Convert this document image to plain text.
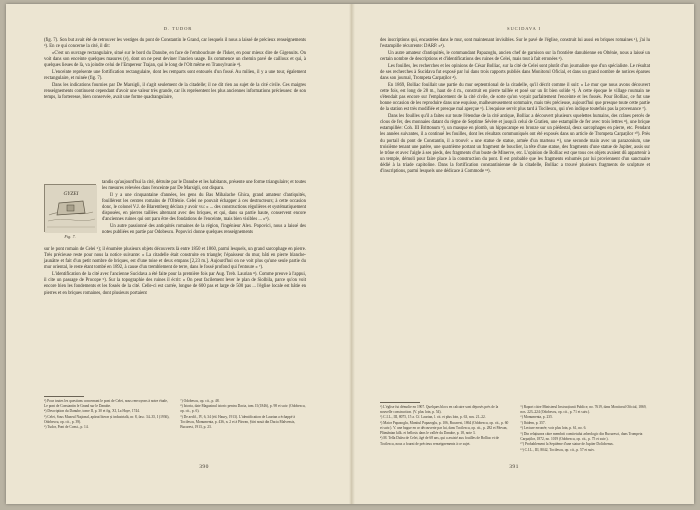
D. TUDOR

(fig. 7). Son but avait été de retrouver les vestiges du pont de Constantin le Grand, car lesquels il nous a laissé de précieux renseignements ³). En ce qui concerne la cité, il dit:

«C'est un ouvrage rectangulaire, situé sur le bord du Danube, en face de l'embouchure de l'Isker, en pour mieux dire de Gigenuits. On voit dans son enceinte quelques masures (ν), dont on ne peut deviner l'ancien usage. Ils commence un chemin pavé de cailloux et qui, à quelques lieues de là, va joindre celui de l'Empereur Trajan, qui le long de l'Olt même en Transylvanie ⁴).

L'enceinte représente une fortification rectangulaire, dont les remparts sont entourés d'un fossé. Au milieu, il y a une tour, également rectangulaire, et ruinée (fig. 7).

Dans les indications fournies par De Marsigli, il s'agit seulement de la citadelle; il ne dit rien au sujet de la cité civile. Ces maigres renseignements continuent cependant d'avoir une valeur très grande, car ils représentent les plus anciennes informations précieuses: de son temps, la forteresse, bien conservée, avait une forme quadrangulaire,

GYZEI
Fig. 7.

tandis qu'aujourd'hui la cité, détruite par le Danube et les habitants, présente une forme triangulaire; et toutes les mesures relevées dans l'enceinte par De Marsigli, ont disparu.

Il y a une cinquantaine d'années, les gens du Bas Mihalache Ghica, grand amateur d'antiquités, fouillèrent les centres romains de l'Olténie. Celei ne pouvait échapper à ces destructeurs; à cette occasion donc, le colonel V.J. de Blaremberg déclara y avoir vu: « ... des constructions régulières et systématiquement disposées, en pierres taillées alternant avec des briques, et qui, dans sa partie haute, conservent encore d'anciennes ruines qui ont paru être des fondations de l'enceinte, mais bien visibles ... »⁵).

Un autre passionné des antiquités romaines de la région, l'ingénieur Alex. Popovici, nous a laissé des notes publiées en partie par Odobescu. Popovici donne quelques renseignements

sur le pont romain de Celei ⁶); il énumère plusieurs objets découverts là entre 1850 et 1860, parmi lesquels, un grand sarcophage en pierre. Très précieuse reste pour nous la notice suivante: « La citadelle était construite en triangle; l'épaisseur du mur, bâti en pierre blanche-jaunâtre et fait d'un petit nombre de briques, est d'une toise et deux empans [2,23 m.]. Aujourd'hui on ne voit plus qu'une seule partie du mur oriental, le reste étant tombé en 1892, à cause d'un tremblement de terre, dans le fossé profond qui l'entoure » ⁷).

L'identification de la cité avec l'ancienne Sucidava a été faite pour la première fois par Aug. Treb. Laurian ⁸). Comme preuve à l'appui, il cite un passage de Procope ⁹). Sur la topographie des ruines il écrit: « On peut facilement lever le plan de Siolbila, parce qu'on voit encore bien les fondements et les fossés de la cité. Celle-ci est carrée, longue de 600 pas et large de 500 pas ... l'église locale est bâtie en pierres et en briques romaines, dont plusieurs portaient

³) Pour toutes les questions concernant le pont de Celei, nous renvoyons à notre étude, Le pont de Constantin le Grand sur le Danube.

⁴) Description du Danube, tome II, p. 30 et fig. XI, La Haye, 1744.

⁵) Celei, Sous Muzeul Naţional, apărut literar și industrială, nr. 8, fasc. 34–35, I (1936), Odobescu, op. cit., p. 39).

⁶) Tudor, Pont de Const., p. 14.

⁷) Odobescu, op. cit., p. 48.

⁸) Istoria, date Magazinul istoric pentru Dacia, tom. II (1846), p. 98 et suiv. (Odobescu, op. cit., p. 6).

⁹) De aedif., IV, 6, 34 (éd. Haury, 1913). L'identification de Laurian a échappé à Tocilescu, Monumenta, p. 436, n. 2 et à Pârvan, Știri nouă din Dacia Malvensis, Bucarest, 1913, p. 23.

390
SUCIDAVA I

des inscriptions qui, encastrées dans le mur, sont maintenant invisibles. Sur le pavé de l'église, construit lui aussi en briques romaines ¹), j'ai lu l'estampille récurrente: DARP. »²).

Un autre amateur d'antiquités, le commandant Papazoglu, ancien chef de garnison sur la frontière danubienne en Olténie, nous a laissé un certain nombre de descriptions et d'identifications des ruines de Celei, mais tout à fait erronées ³).

Les fouilles, les recherches et les opinions de César Bolliac, sur la cité de Celei sont plutôt d'un journaliste que d'un spécialiste. Le résultat de ses recherches à Sucidava fut exposé par lui dans trois rapports publiés dans Monitorul Oficial, et dans un grand nombre de notices éparses dans son journal, Trompeta Carpaților ⁴).

En 1869, Bolliac fouillait une partie du mur septentrional de la citadelle, qu'il décrit comme il suit: « Le mur que nous avons découvert cette fois, est long de 28 m., haut de 4 m., construit en pierre taillée et posé sur un lit bien solide ⁵). À cette époque le village roumain ne s'étendait pas encore sur l'emplacement de la cité civile, de sorte qu'on voyait parfaitement l'enceinte et les fossés. Pour Bolliac, ce fut une bonne occasion de les reproduire dans une esquisse, malheureusement sommaire, mais très précieuse, aujourd'hui que presque toute cette partie de la station est très modifiée et presque mal aperçue ⁶). L'esquisse servit plus tard à Tocilescu, qui n'en indique toutefois pas la provenance ⁷).

Dans les fouilles qu'il a faites sur toute l'étendue de la cité antique, Bolliac a découvert plusieurs squelettes humains, des crânes percés de clous de fer, des monnaies datant du règne de Septime Sévère et jusqu'à celui de Gratien, une estampille de fer avec trois lettres ⁸), une brique estampillée: Coh. III Brittonum ⁹), un masque en plomb, un hippocampe en bronze sur un piédestal, deux sarcophages en pierre, etc. Pendant les années suivantes, il a continué les fouilles, dont les résultats communiqués ont été exposés dans un article de Trompeta Carpaților ¹⁰). Près du portail du pont de Constantin, il a trouvé: « une statue de statue, armée d'un marteau ¹¹), une seconde main avec un parazonium, une troisième tenant une patère, une quatrième portant un fragment de bouclier, la tête d'une statue, des fragments d'une statue de Jupiter, assis sur le trône et avec l'aigle à ses pieds, des fragments d'un buste de Minerve, etc. L'opinion de Bolliac est que tous ces objets avaient dû appartenir à un temple, démoli pour faire place à la construction du pont. Il est probable que les fragments exhumés par lui proviennent d'un sanctuaire dédié à la triade capitoline. Dans la fortification constantinienne de la citadelle, Bolliac a trouvé plusieurs fragments de sculpture et d'inscriptions, parmi lesquels une dédicace à Commode ¹²).

¹) L'église fut démolie en 1907. Quelques blocs en calcaire sont déposés près de la nouvelle construction. (V. plus loin, p. 54).

²) C.I.L., III, 8075, 15 a. Cf. Laurian, l. cit. et plus loin, p. 63, nos. 21–22.

³) Maior Papazoglu, Monitul Papazoglu, p. 106, Bucarest, 1864 (Odobescu, op. cit., p. 60 et suiv.). V. une bague en or découverte par lui, dans Tocilescu, op. cit., p. 282 et Pârvan, Plămânian kilk. et bellosis dans le vallée du Danube, p. 18, note 3.

⁴) M. Tella Dalea de Celei, âgé de 68 ans, qui a assisté aux fouilles de Bolliac et de Tocilescu, nous a fourni de précieux renseignements à ce sujet.

⁵) Raport către Ministerul Instrucțiunii Publice, no. 7619, dans Monitorul Oficial, 1869, nos. 223–224 (Odobescu, op. cit., p. 71 et suiv.).

⁶) Monumenta, p. 235.

⁷) Ibidem, p. 357.

⁸) Lecture erronée; voir plus loin, p. 61, no. 6.

⁹) Din relațiunea către membrii comitetului arheologic din Bucuresci, dans Trompeta Carpaților, 1872, no. 1019 (Odobescu, op. cit., p. 75 et suiv.).

¹⁰) Probablement la Septième d'une statue de Jupiter Dolichenus.

¹¹) C.I.L., III, 8042, Tocilescu, op. cit., p. 57 et suiv.

391
